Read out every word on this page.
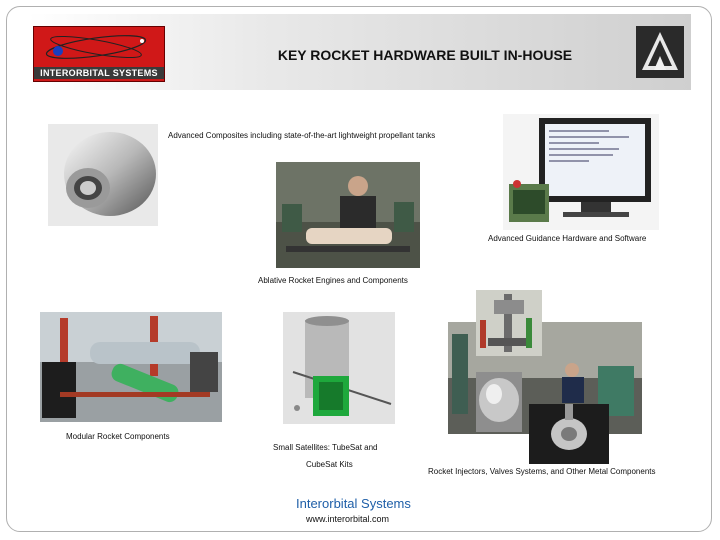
INTERORBITAL SYSTEMS
KEY ROCKET HARDWARE BUILT IN-HOUSE
Advanced Composites including state-of-the-art lightweight propellant tanks
Advanced Guidance Hardware and Software
Ablative Rocket Engines and Components
Modular Rocket Components
Small Satellites: TubeSat and
CubeSat Kits
Rocket Injectors, Valves Systems, and Other Metal Components
Interorbital Systems
www.interorbital.com
